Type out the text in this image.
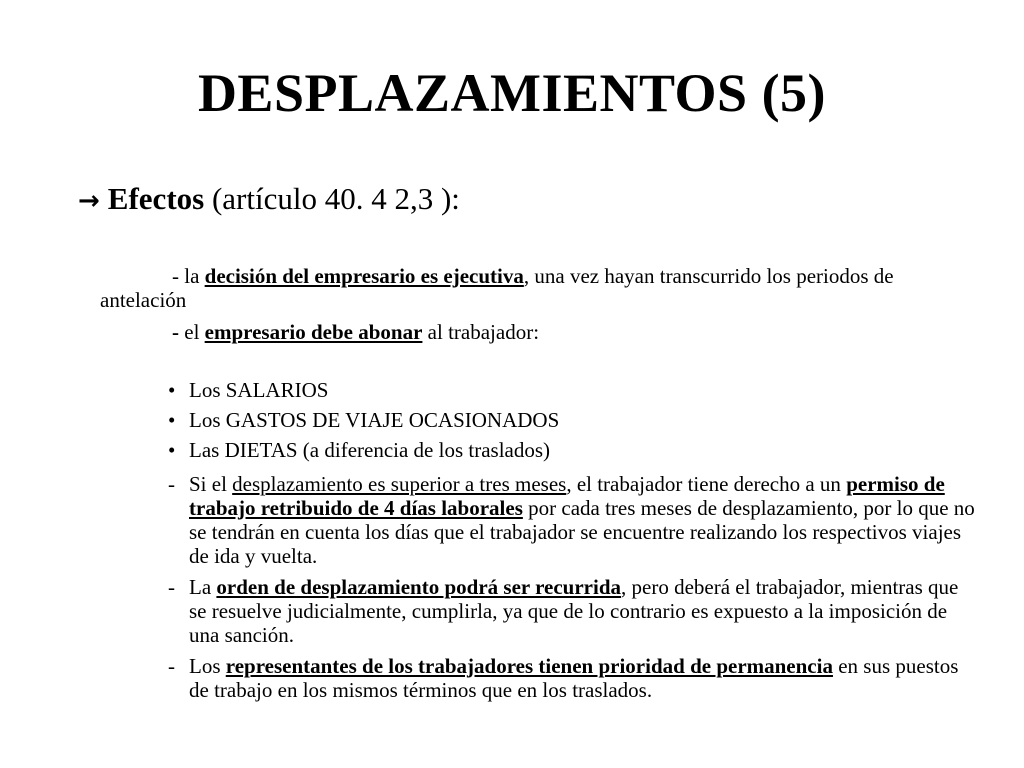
DESPLAZAMIENTOS (5)
→ Efectos (artículo 40. 4 2,3 ):
- la decisión del empresario es ejecutiva, una vez hayan transcurrido los periodos de antelación
- el empresario debe abonar al trabajador:
• Los SALARIOS
• Los GASTOS DE VIAJE OCASIONADOS
• Las DIETAS (a diferencia de los traslados)
- Si el desplazamiento es superior a tres meses, el trabajador tiene derecho a un permiso de trabajo retribuido de 4 días laborales por cada tres meses de desplazamiento, por lo que no se tendrán en cuenta los días que el trabajador se encuentre realizando los respectivos viajes de ida y vuelta.
- La orden de desplazamiento podrá ser recurrida, pero deberá el trabajador, mientras que se resuelve judicialmente, cumplirla, ya que de lo contrario es expuesto a la imposición de una sanción.
- Los representantes de los trabajadores tienen prioridad de permanencia en sus puestos de trabajo en los mismos términos que en los traslados.
